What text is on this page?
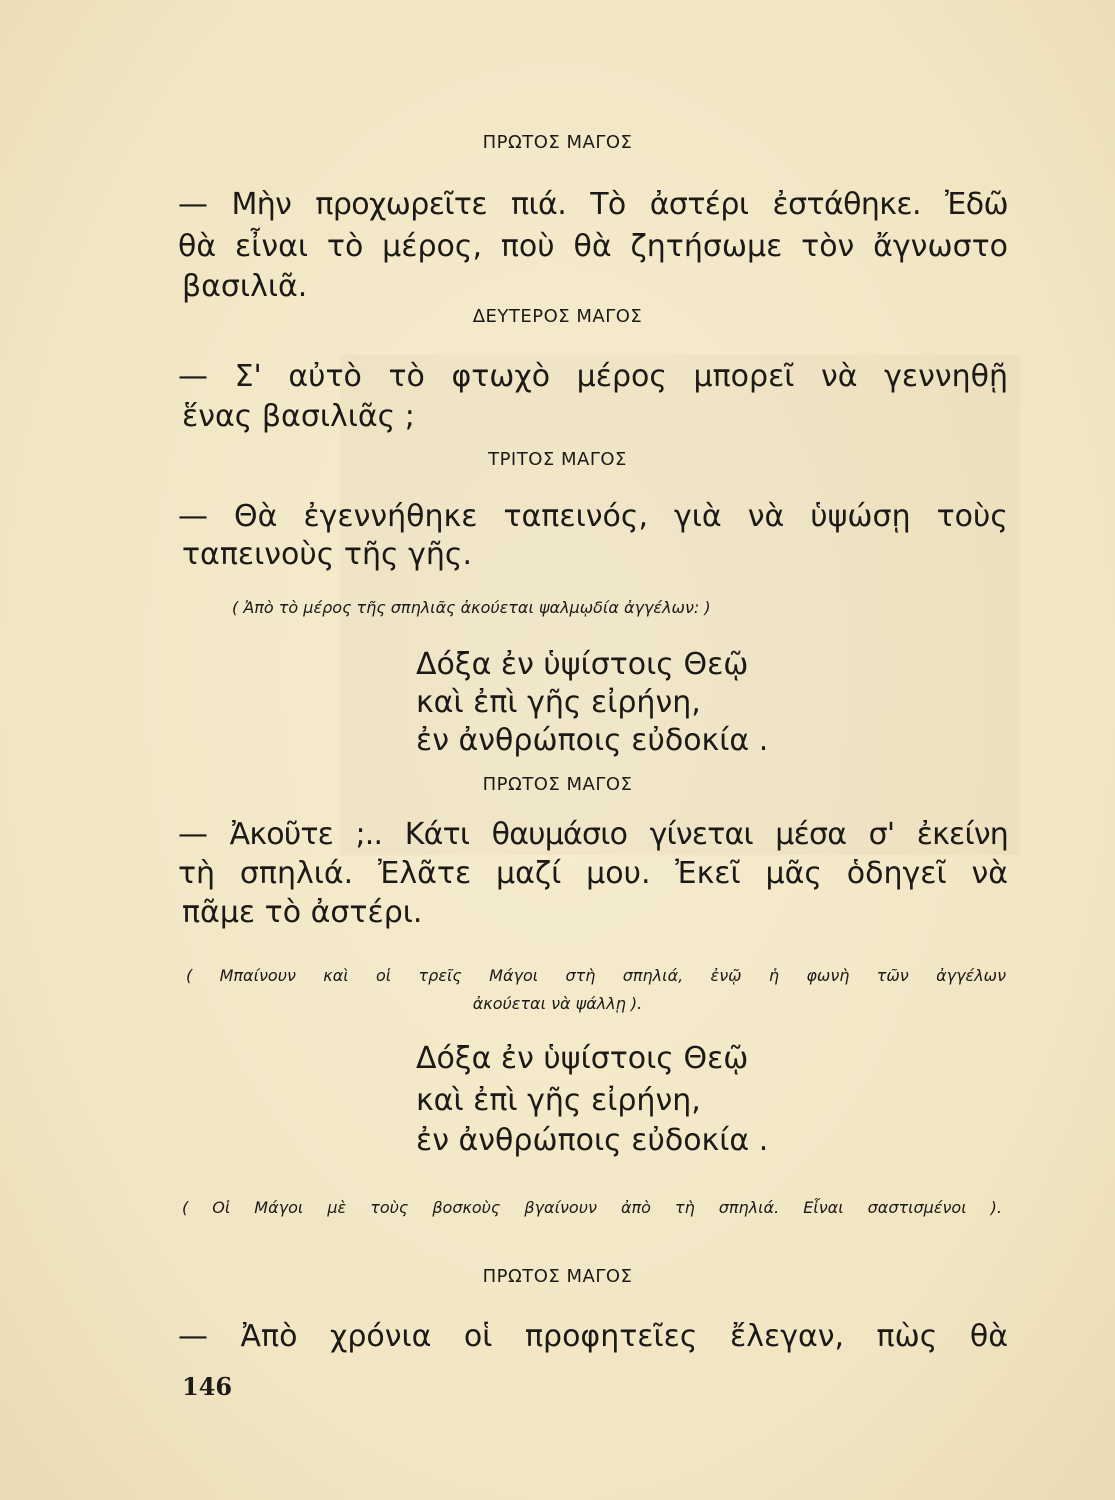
ΠΡΩΤΟΣ ΜΑΓΟΣ
— Μὴν προχωρεῖτε πιά. Τὸ ἀστέρι ἐστάθηκε. Ἐδῶ
θὰ εἶναι τὸ μέρος, ποὺ θὰ ζητήσωμε τὸν ἄγνωστο
βασιλιᾶ.
ΔΕΥΤΕΡΟΣ ΜΑΓΟΣ
— Σ' αὐτὸ τὸ φτωχὸ μέρος μπορεῖ νὰ γεννηθῇ
ἕνας βασιλιᾶς ;
ΤΡΙΤΟΣ ΜΑΓΟΣ
— Θὰ ἐγεννήθηκε ταπεινός, γιὰ νὰ ὑψώσῃ τοὺς
ταπεινοὺς τῆς γῆς.
( Ἀπὸ τὸ μέρος τῆς σπηλιᾶς ἀκούεται ψαλμῳδία ἀγγέλων: )
Δόξα ἐν ὑψίστοις Θεῷ
καὶ ἐπὶ γῆς εἰρήνη,
ἐν ἀνθρώποις εὐδοκία .
ΠΡΩΤΟΣ ΜΑΓΟΣ
— Ἀκοῦτε ;.. Κάτι θαυμάσιο γίνεται μέσα σ' ἐκείνη
τὴ σπηλιά. Ἐλᾶτε μαζί μου. Ἐκεῖ μᾶς ὁδηγεῖ νὰ
πᾶμε τὸ ἀστέρι.
( Μπαίνουν καὶ οἱ τρεῖς Μάγοι στὴ σπηλιά, ἐνῷ ἡ φωνὴ τῶν ἀγγέλων
ἀκούεται νὰ ψάλλῃ ).
Δόξα ἐν ὑψίστοις Θεῷ
καὶ ἐπὶ γῆς εἰρήνη,
ἐν ἀνθρώποις εὐδοκία .
( Οἱ Μάγοι μὲ τοὺς βοσκοὺς βγαίνουν ἀπὸ τὴ σπηλιά. Εἶναι σαστισμένοι ).
ΠΡΩΤΟΣ ΜΑΓΟΣ
— Ἀπὸ χρόνια οἱ προφητεῖες ἔλεγαν, πὼς θὰ
146
